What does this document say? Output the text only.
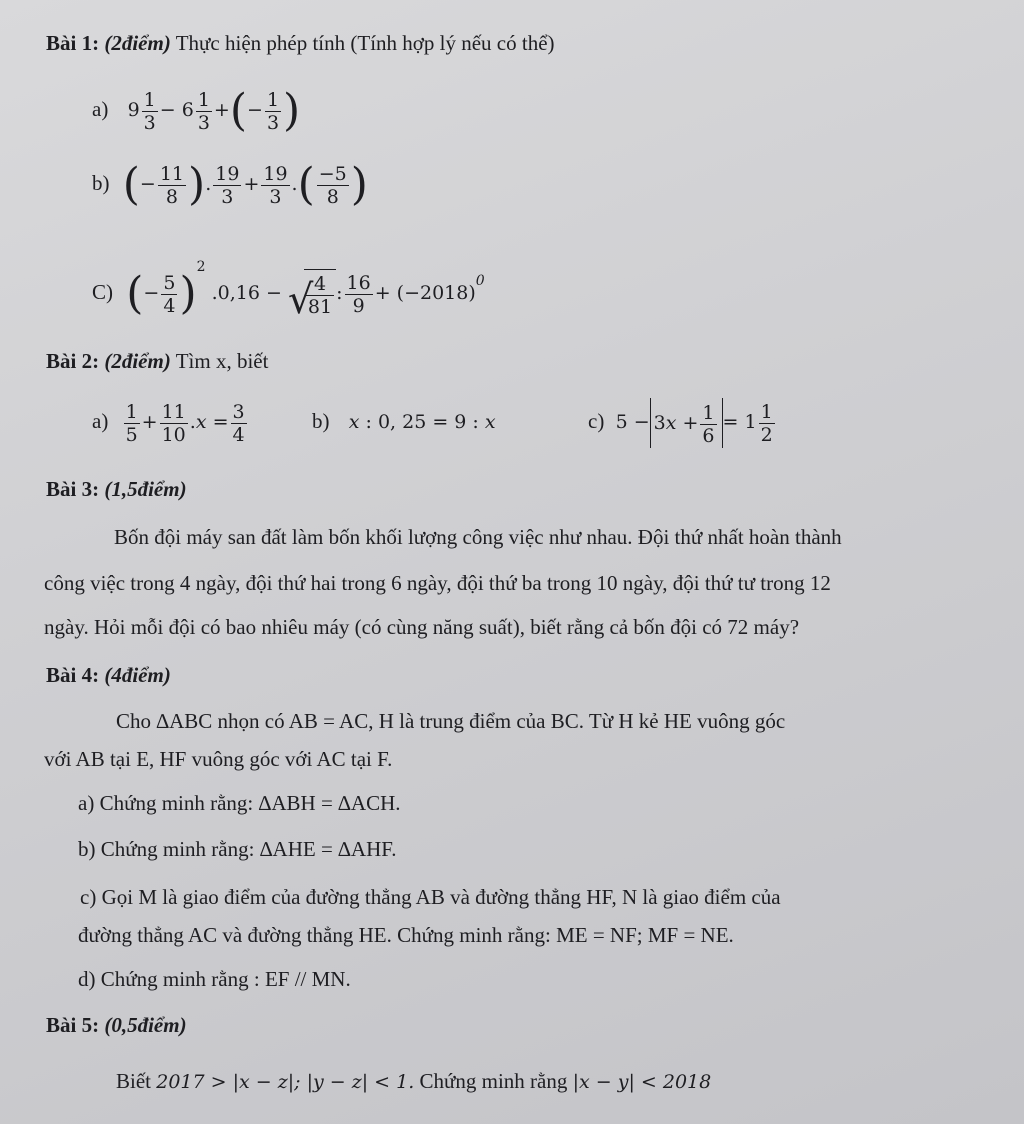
Bài 1: (2điểm) Thực hiện phép tính (Tính hợp lý nếu có thể)
a) $9 \frac{1}{3} - 6 \frac{1}{3}$ +(− $\frac{1}{3}$ )
b) (− $\frac{11}{8}$ ). $\frac{19}{3} + \frac{19}{3}$ .( $\frac{-5}{8}$ )
C) (− $\frac{5}{4} )^2$ .0,16 − √
$\frac{4}{81}$ : $\frac{16}{9} + (-2018)^0$
Bài 2: (2điểm) Tìm x, biết
$a) \frac{1}{5} + \frac{11}{10} .x = \frac{3}{4}$	b) x : 0, 25 = 9 : x	c) $5 - 3x + \frac{1}{6} = 1 \frac{1}{2}$
Bài 3: (1,5điểm)
Bốn đội máy san đất làm bốn khối lượng công việc như nhau. Đội thứ nhất hoàn thành
công việc trong 4 ngày, đội thứ hai trong 6 ngày, đội thứ ba trong 10 ngày, đội thứ tư trong 12
ngày. Hỏi mỗi đội có bao nhiêu máy (có cùng năng suất), biết rằng cả bốn đội có 72 máy?
Bài 4: (4điểm)
Cho ∆ABC nhọn có AB = AC, H là trung điểm của BC. Từ H kẻ HE vuông góc
với AB tại E, HF vuông góc với AC tại F.
a) Chứng minh rằng: ∆ABH = ∆ACH.
b) Chứng minh rằng: ∆AHE = ∆AHF.
c) Gọi M là giao điểm của đường thẳng AB và đường thẳng HF, N là giao điểm của
đường thẳng AC và đường thẳng HE. Chứng minh rằng: ME = NF; MF = NE.
d) Chứng minh rằng : EF // MN.
Bài 5: (0,5điểm)
Biết 2017 > |x − z|; |y − z| < 1. Chứng minh rằng |x − y| < 2018
